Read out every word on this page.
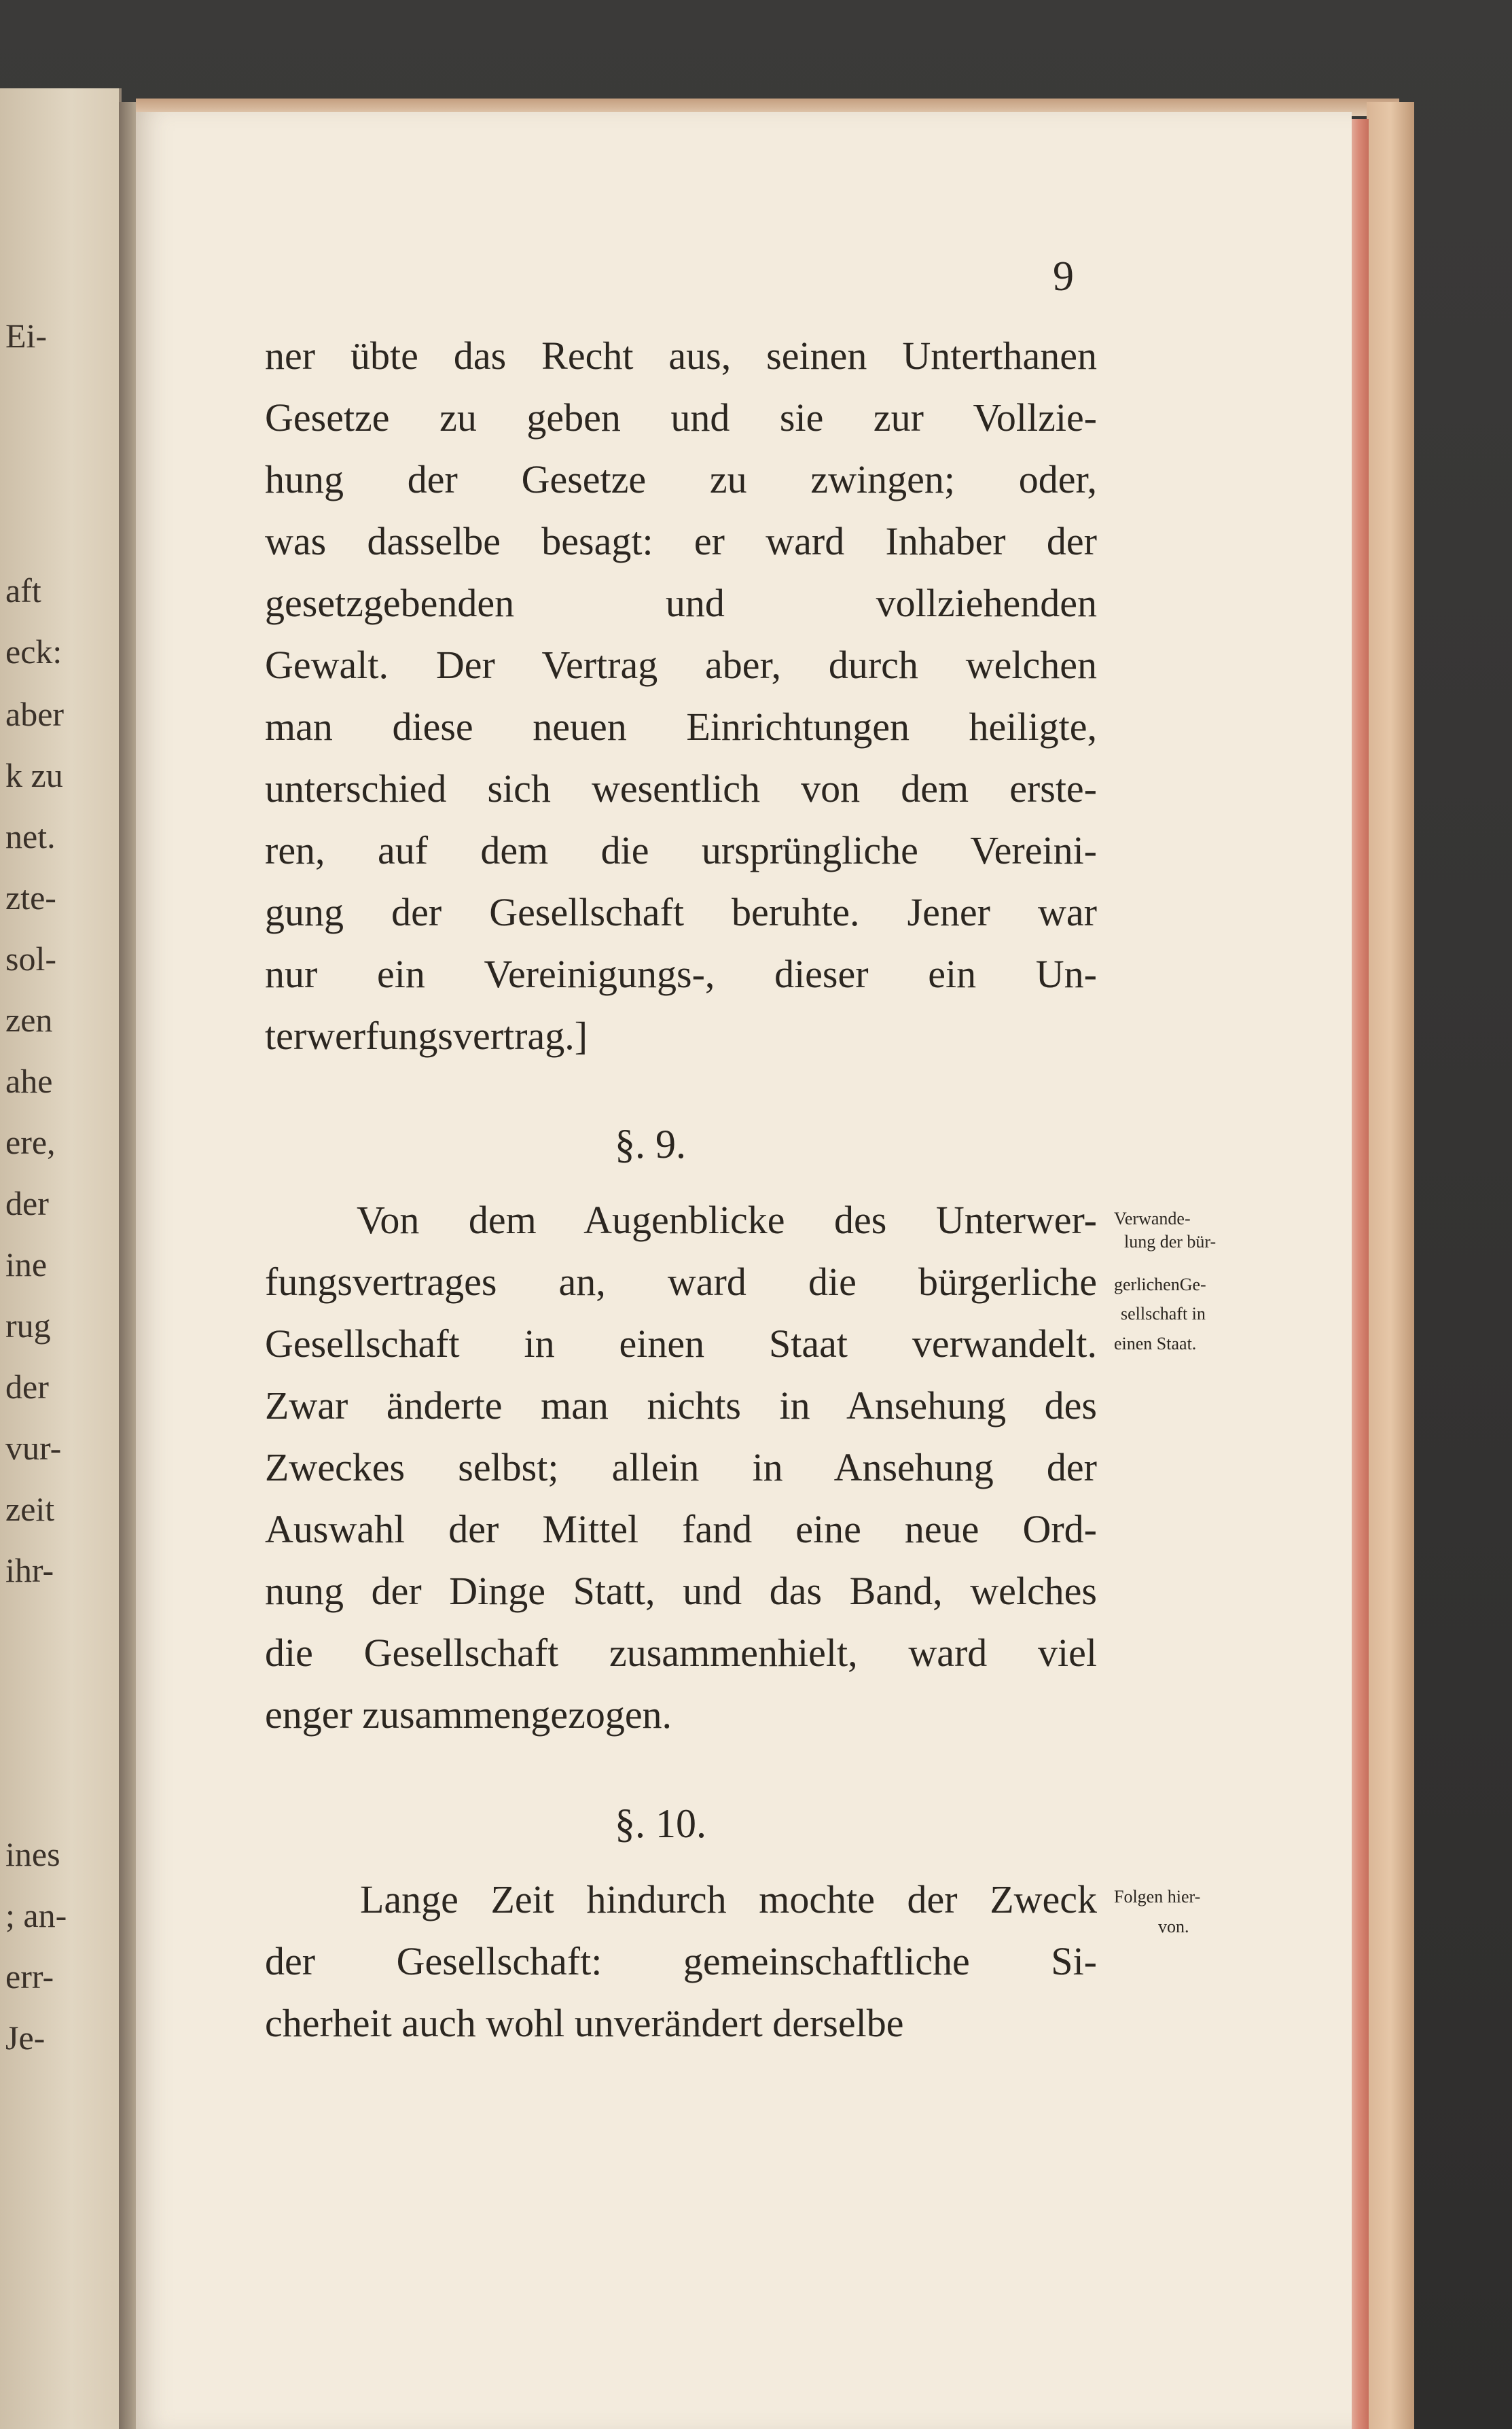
Ei-
aft
eck:
aber
k zu
net.
zte-
sol-
zen
ahe
ere,
der
ine
rug
der
vur-
zeit
ihr-
ines
; an-
err-
Je-
9
ner übte das Recht aus, seinen Unterthanen
Gesetze zu geben und sie zur Vollzie-
hung der Gesetze zu zwingen; oder,
was dasselbe besagt: er ward Inhaber der
gesetzgebenden und vollziehenden
Gewalt. Der Vertrag aber, durch welchen
man diese neuen Einrichtungen heiligte,
unterschied sich wesentlich von dem erste-
ren, auf dem die ursprüngliche Vereini-
gung der Gesellschaft beruhte. Jener war
nur ein Vereinigungs-, dieser ein Un-
terwerfungsvertrag.]
§. 9.
Verwande-
lung der bür-
gerlichenGe-
sellschaft in
einen Staat.
Von dem Augenblicke des Unterwer-
fungsvertrages an, ward die bürgerliche
Gesellschaft in einen Staat verwandelt.
Zwar änderte man nichts in Ansehung des
Zweckes selbst; allein in Ansehung der
Auswahl der Mittel fand eine neue Ord-
nung der Dinge Statt, und das Band, welches
die Gesellschaft zusammenhielt, ward viel
enger zusammengezogen.
§. 10.
Folgen hier-
von.
Lange Zeit hindurch mochte der Zweck
der Gesellschaft: gemeinschaftliche Si-
cherheit auch wohl unverändert derselbe
